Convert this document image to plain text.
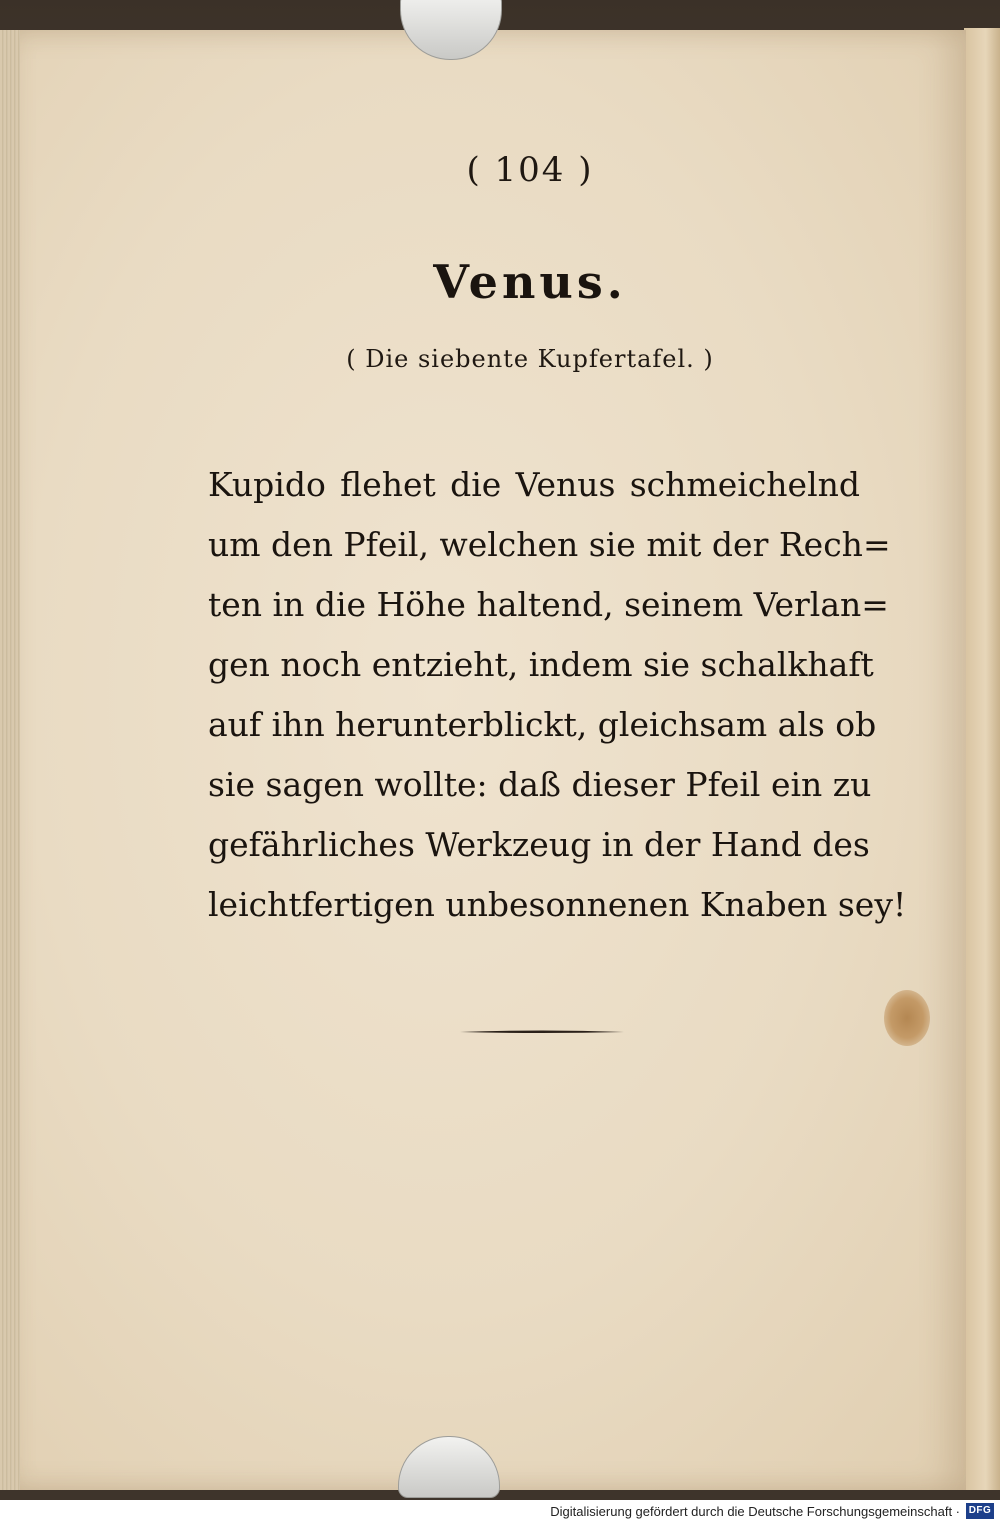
( 104 )
Venus.
( Die siebente Kupfertafel. )
Kupido flehet die Venus schmeichelnd
um den Pfeil, welchen sie mit der Rech=
ten in die Höhe haltend, seinem Verlan=
gen noch entzieht, indem sie schalkhaft
auf ihn herunterblickt, gleichsam als ob
sie sagen wollte: daß dieser Pfeil ein zu
gefährliches Werkzeug in der Hand des
leichtfertigen unbesonnenen Knaben sey!
Digitalisierung gefördert durch die Deutsche Forschungsgemeinschaft · DFG
